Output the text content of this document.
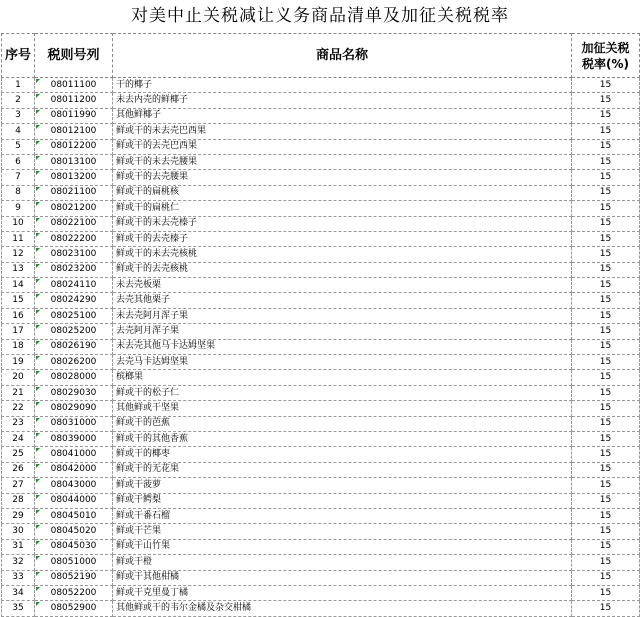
对美中止关税减让义务商品清单及加征关税税率
序号	税则号列	商品名称	加征关税
税率(%)
1	08011100	干的椰子	15
2	08011200	未去内壳的鲜椰子	15
3	08011990	其他鲜椰子	15
4	08012100	鲜或干的未去壳巴西果	15
5	08012200	鲜或干的去壳巴西果	15
6	08013100	鲜或干的未去壳腰果	15
7	08013200	鲜或干的去壳腰果	15
8	08021100	鲜或干的扁桃核	15
9	08021200	鲜或干的扁桃仁	15
10	08022100	鲜或干的未去壳榛子	15
11	08022200	鲜或干的去壳榛子	15
12	08023100	鲜或干的未去壳核桃	15
13	08023200	鲜或干的去壳核桃	15
14	08024110	未去壳板栗	15
15	08024290	去壳其他栗子	15
16	08025100	未去壳阿月浑子果	15
17	08025200	去壳阿月浑子果	15
18	08026190	未去壳其他马卡达姆坚果	15
19	08026200	去壳马卡达姆坚果	15
20	08028000	槟榔果	15
21	08029030	鲜或干的松子仁	15
22	08029090	其他鲜或干坚果	15
23	08031000	鲜或干的芭蕉	15
24	08039000	鲜或干的其他香蕉	15
25	08041000	鲜或干的椰枣	15
26	08042000	鲜或干的无花果	15
27	08043000	鲜或干菠萝	15
28	08044000	鲜或干鳄梨	15
29	08045010	鲜或干番石榴	15
30	08045020	鲜或干芒果	15
31	08045030	鲜或干山竹果	15
32	08051000	鲜或干橙	15
33	08052190	鲜或干其他柑橘	15
34	08052200	鲜或干克里曼丁橘	15
35	08052900	其他鲜或干的韦尔金橘及杂交柑橘	15
